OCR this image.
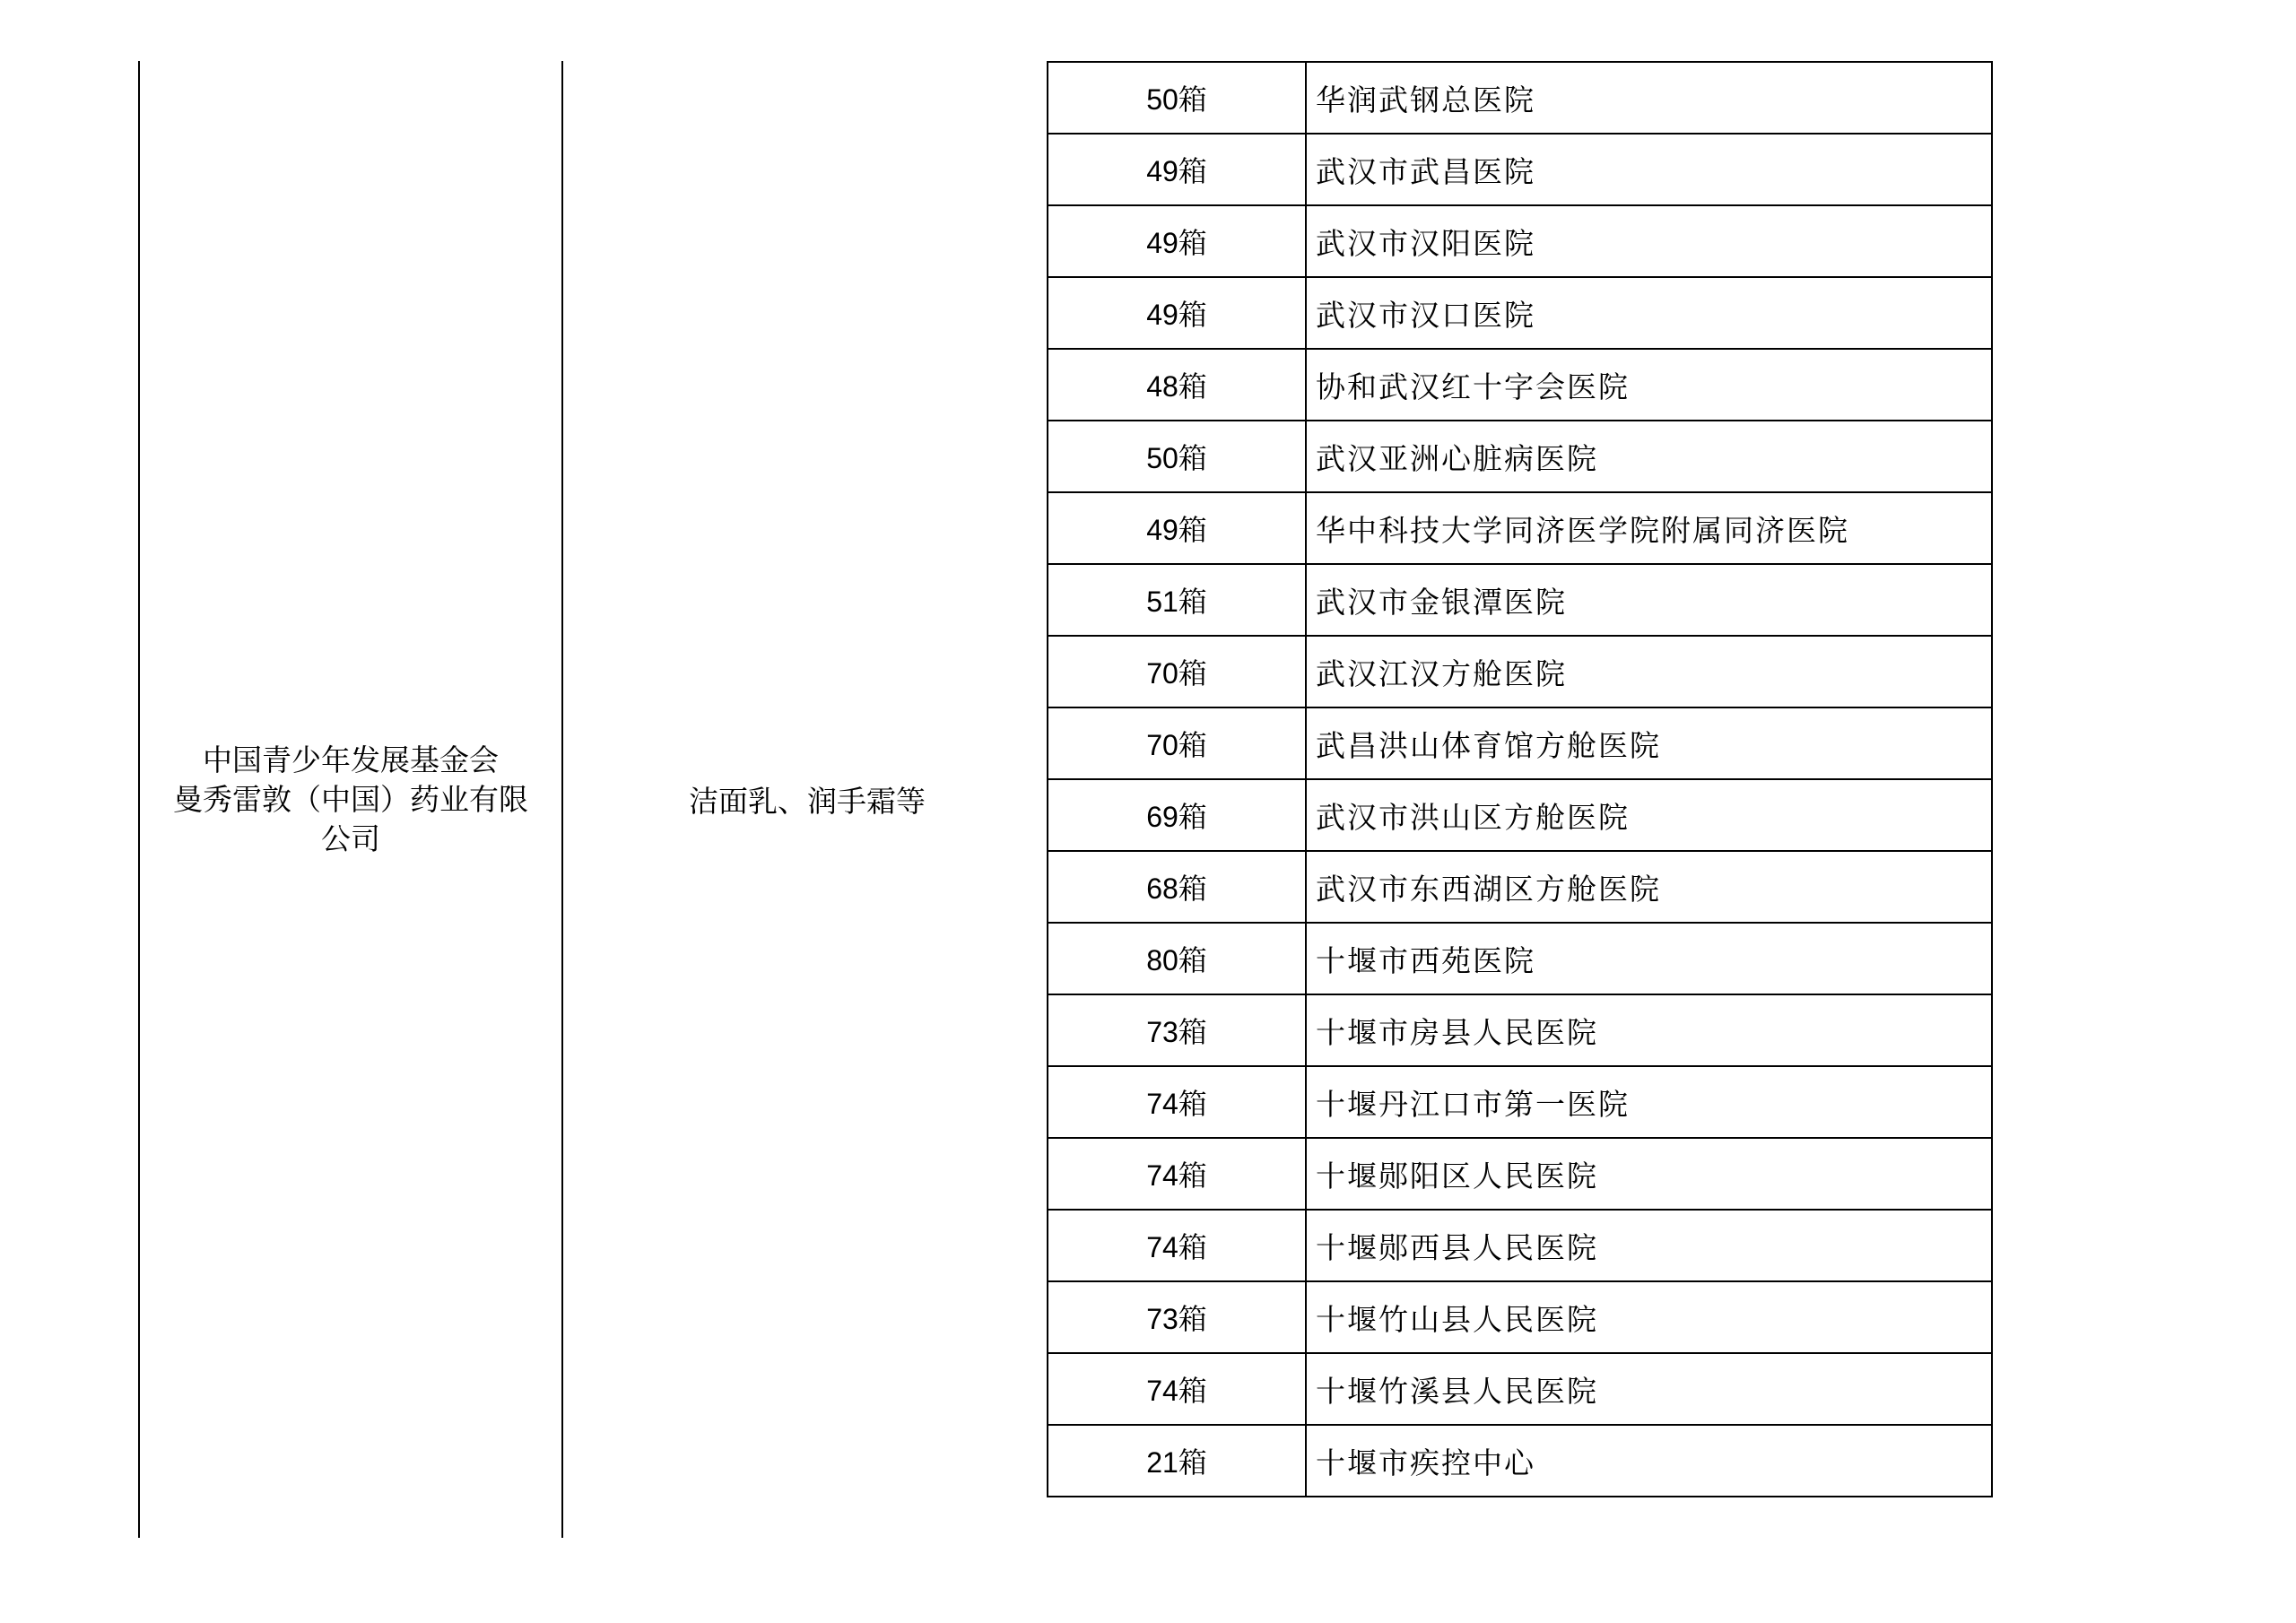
中国青少年发展基金会
曼秀雷敦（中国）药业有限
公司
洁面乳、润手霜等
50箱	华润武钢总医院
49箱	武汉市武昌医院
49箱	武汉市汉阳医院
49箱	武汉市汉口医院
48箱	协和武汉红十字会医院
50箱	武汉亚洲心脏病医院
49箱	华中科技大学同济医学院附属同济医院
51箱	武汉市金银潭医院
70箱	武汉江汉方舱医院
70箱	武昌洪山体育馆方舱医院
69箱	武汉市洪山区方舱医院
68箱	武汉市东西湖区方舱医院
80箱	十堰市西苑医院
73箱	十堰市房县人民医院
74箱	十堰丹江口市第一医院
74箱	十堰郧阳区人民医院
74箱	十堰郧西县人民医院
73箱	十堰竹山县人民医院
74箱	十堰竹溪县人民医院
21箱	十堰市疾控中心
